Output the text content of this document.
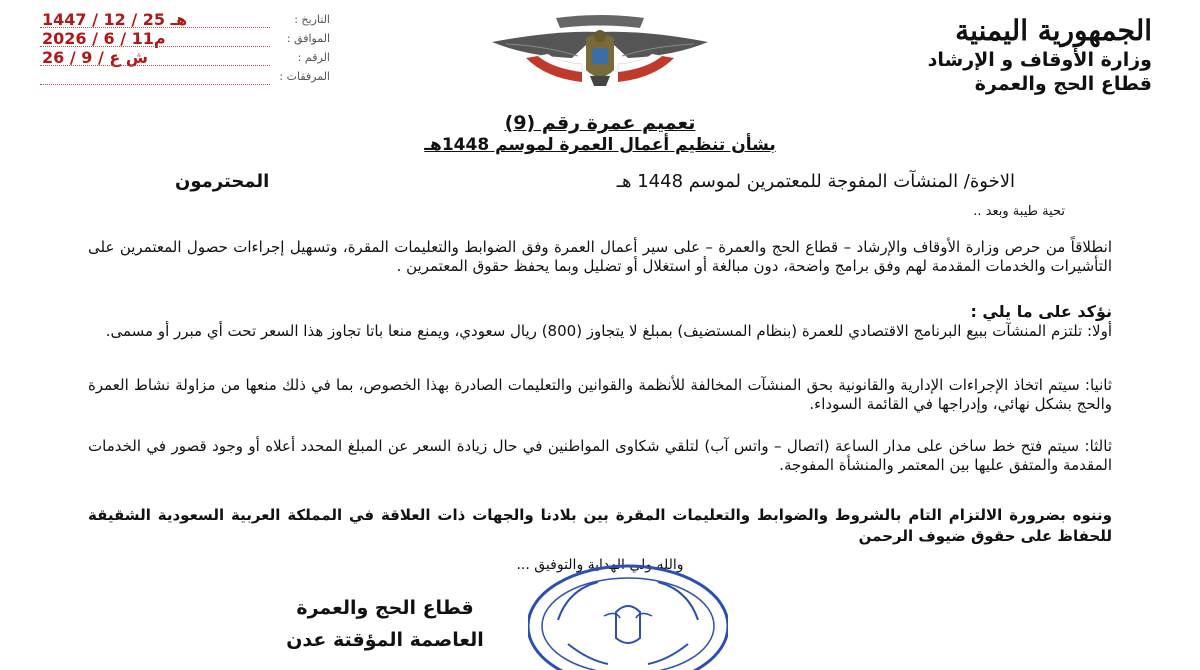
الجمهورية اليمنية
وزارة الأوقاف و الإرشاد
قطاع الحج والعمرة
1447 / 12 / 25 هـ	التاريخ :
2026 / 6 / 11م	الموافق :
ش ع / 9 / 26	الرقم :
المرفقات :
تعميم عمرة رقم (9)
بشأن تنظيم أعمال العمرة لموسم 1448هـ
الاخوة/ المنشآت المفوجة للمعتمرين لموسم 1448 هـ
المحترمون
تحية طيبة وبعد ..
انطلاقاً من حرص وزارة الأوقاف والإرشاد – قطاع الحج والعمرة – على سير أعمال العمرة وفق الضوابط والتعليمات المقرة، وتسهيل إجراءات حصول المعتمرين على التأشيرات والخدمات المقدمة لهم وفق برامج واضحة، دون مبالغة أو استغلال أو تضليل وبما يحفظ حقوق المعتمرين .
نؤكد على ما يلي :
أولا: تلتزم المنشآت ببيع البرنامج الاقتصادي للعمرة (بنظام المستضيف) بمبلغ لا يتجاوز (800) ريال سعودي، ويمنع منعا باتا تجاوز هذا السعر تحت أي مبرر أو مسمى.
ثانيا: سيتم اتخاذ الإجراءات الإدارية والقانونية بحق المنشآت المخالفة للأنظمة والقوانين والتعليمات الصادرة بهذا الخصوص، بما في ذلك منعها من مزاولة نشاط العمرة والحج بشكل نهائي، وإدراجها في القائمة السوداء.
ثالثا: سيتم فتح خط ساخن على مدار الساعة (اتصال – واتس آب) لتلقي شكاوى المواطنين في حال زيادة السعر عن المبلغ المحدد أعلاه أو وجود قصور في الخدمات المقدمة والمتفق عليها بين المعتمر والمنشأة المفوجة.
وننوه بضرورة الالتزام التام بالشروط والضوابط والتعليمات المقرة بين بلادنا والجهات ذات العلاقة في المملكة العربية السعودية الشقيقة للحفاظ على حقوق ضيوف الرحمن
والله ولي الهداية والتوفيق ...
قطاع الحج والعمرة
العاصمة المؤقتة عدن
